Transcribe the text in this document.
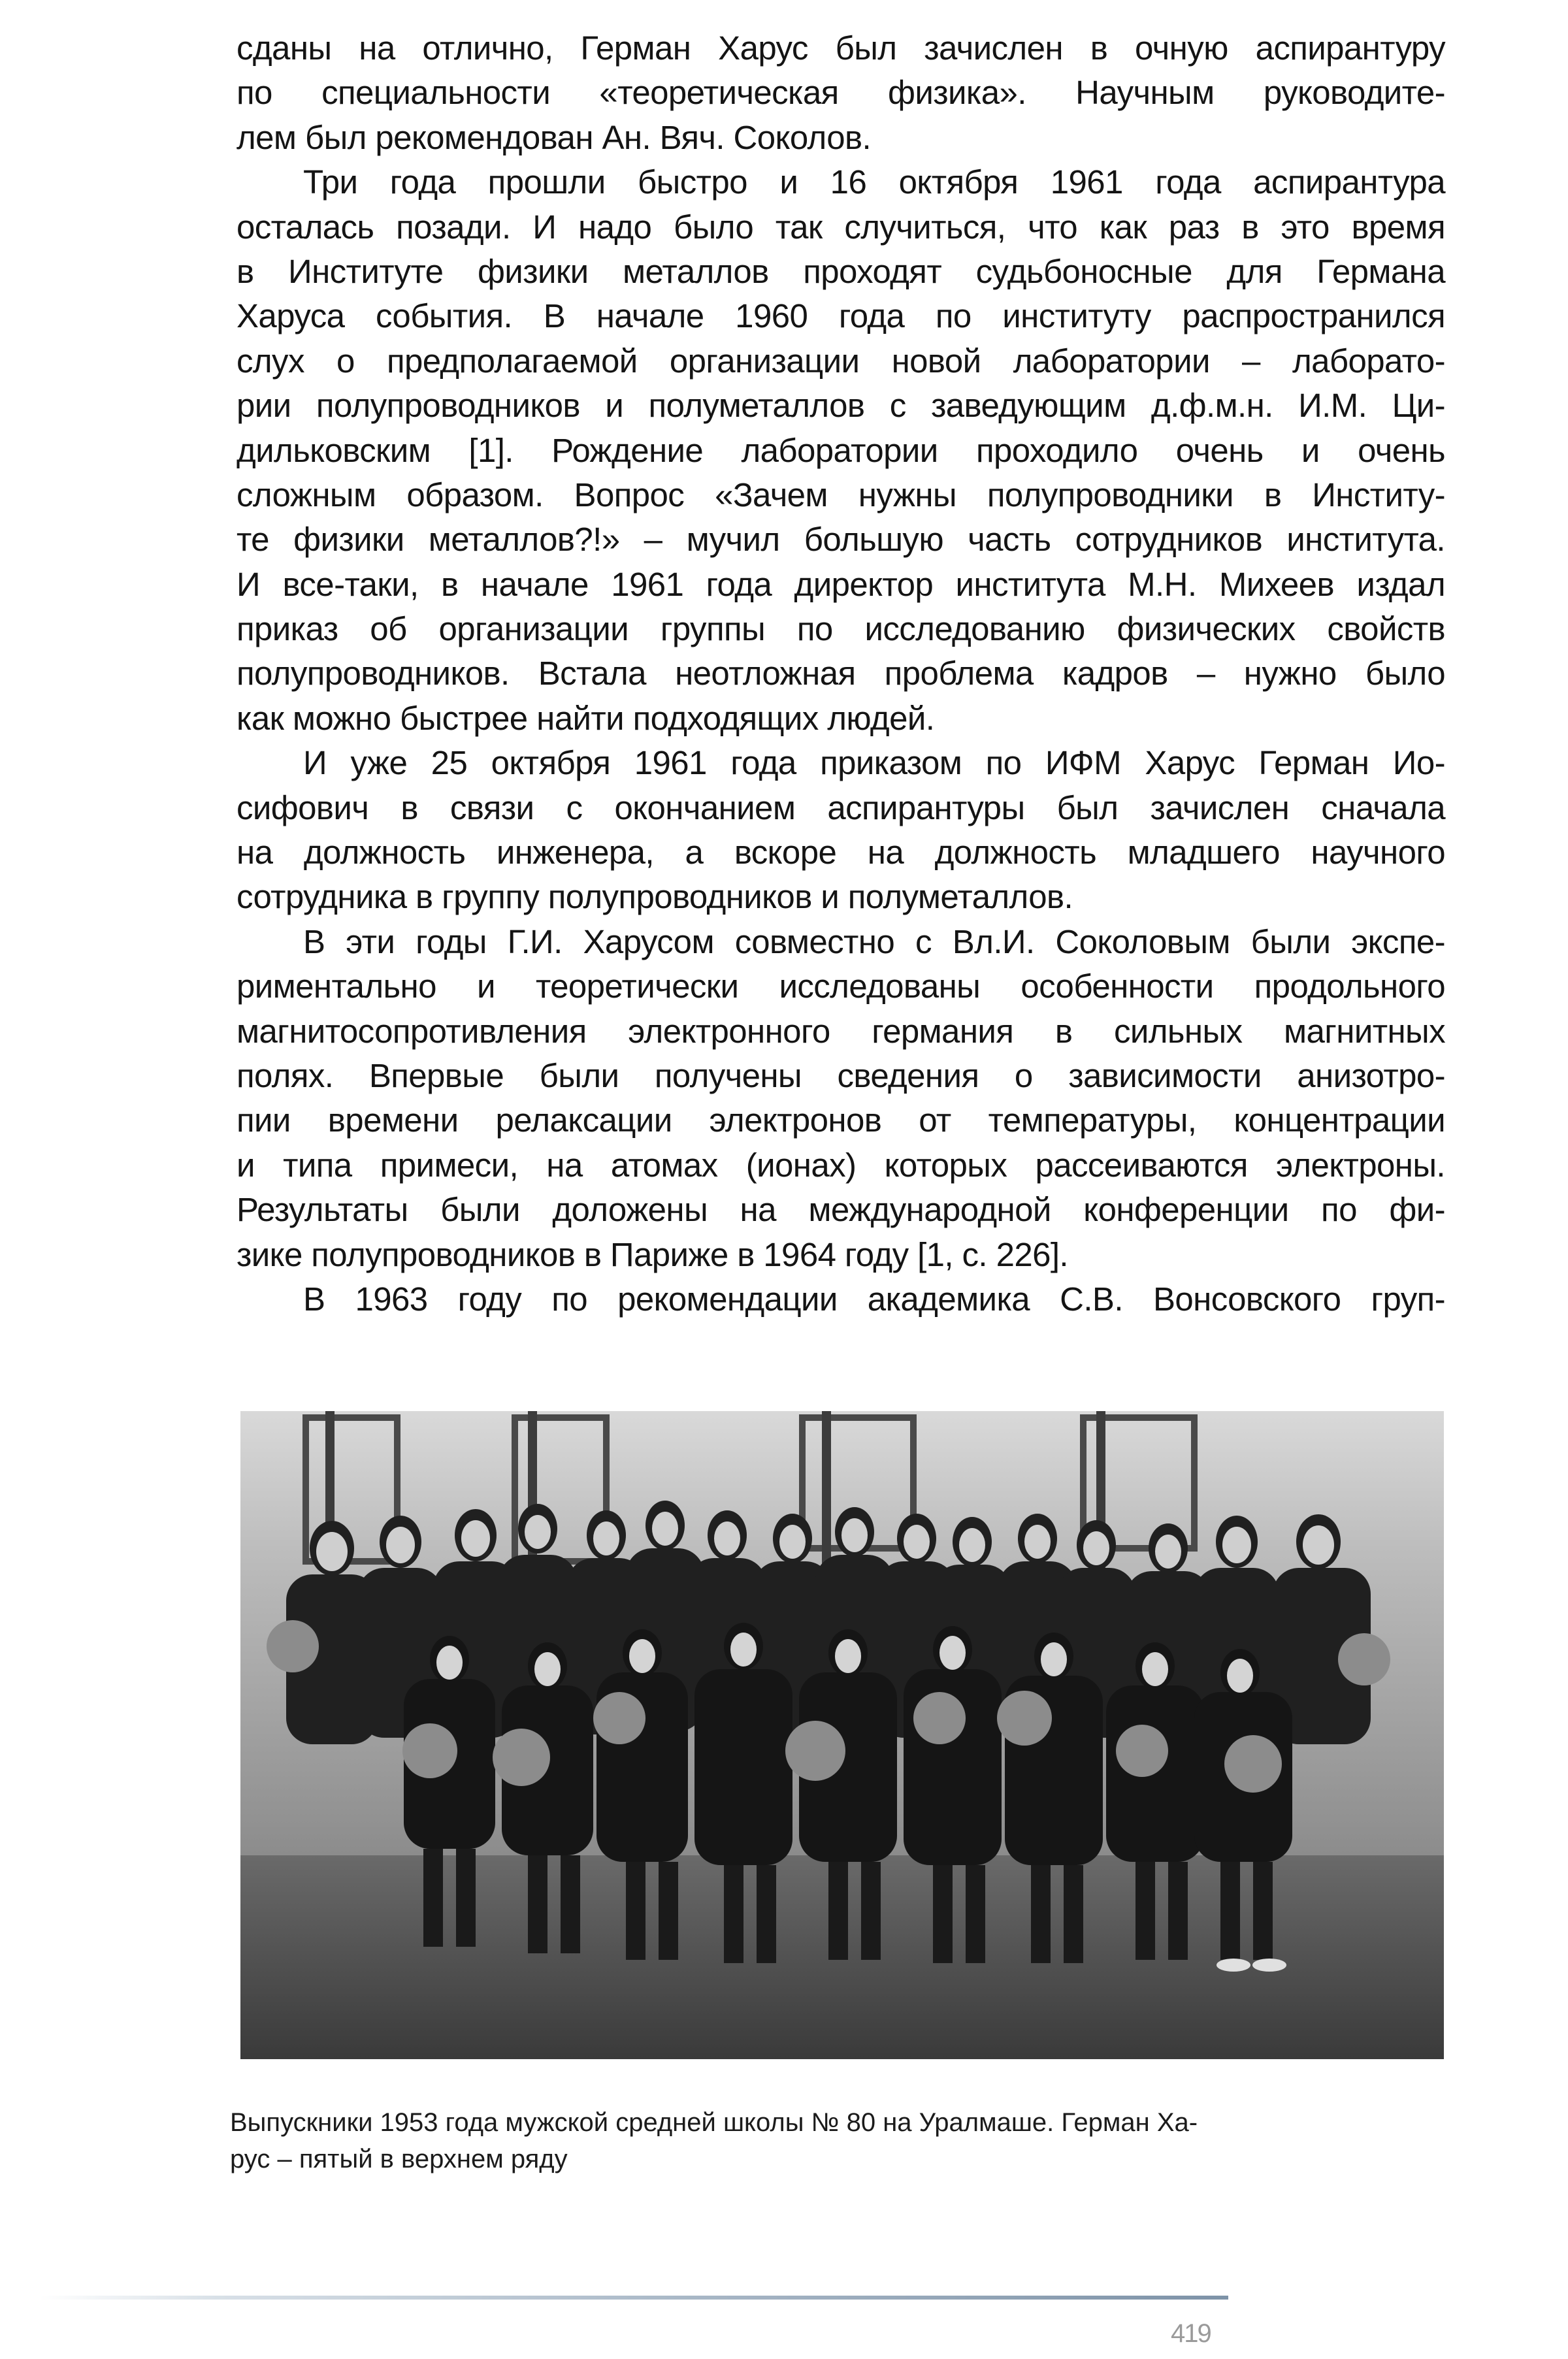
сданы на отлично, Герман Харус был зачислен в очную аспирантуру
по специальности «теоретическая физика». Научным руководите-
лем был рекомендован Ан. Вяч. Соколов.
Три года прошли быстро и 16 октября 1961 года аспирантура
осталась позади. И надо было так случиться, что как раз в это время
в Институте физики металлов проходят судьбоносные для Германа
Харуса события. В начале 1960 года по институту распространился
слух о предполагаемой организации новой лаборатории – лаборато-
рии полупроводников и полуметаллов с заведующим д.ф.м.н. И.М. Ци-
дильковским [1]. Рождение лаборатории проходило очень и очень
сложным образом. Вопрос «Зачем нужны полупроводники в Институ-
те физики металлов?!» – мучил большую часть сотрудников института.
И все-таки, в начале 1961 года директор института М.Н. Михеев издал
приказ об организации группы по исследованию физических свойств
полупроводников. Встала неотложная проблема кадров – нужно было
как можно быстрее найти подходящих людей.
И уже 25 октября 1961 года приказом по ИФМ Харус Герман Ио-
сифович в связи с окончанием аспирантуры был зачислен сначала
на должность инженера, а вскоре на должность младшего научного
сотрудника в группу полупроводников и полуметаллов.
В эти годы Г.И. Харусом совместно с Вл.И. Соколовым были экспе-
риментально и теоретически исследованы особенности продольного
магнитосопротивления электронного германия в сильных магнитных
полях. Впервые были получены сведения о зависимости анизотро-
пии времени релаксации электронов от температуры, концентрации
и типа примеси, на атомах (ионах) которых рассеиваются электроны.
Результаты были доложены на международной конференции по фи-
зике полупроводников в Париже в 1964 году [1, с. 226].
В 1963 году по рекомендации академика С.В. Вонсовского груп-
Выпускники 1953 года мужской средней школы № 80 на Уралмаше. Герман Ха-
рус – пятый в верхнем ряду
419
